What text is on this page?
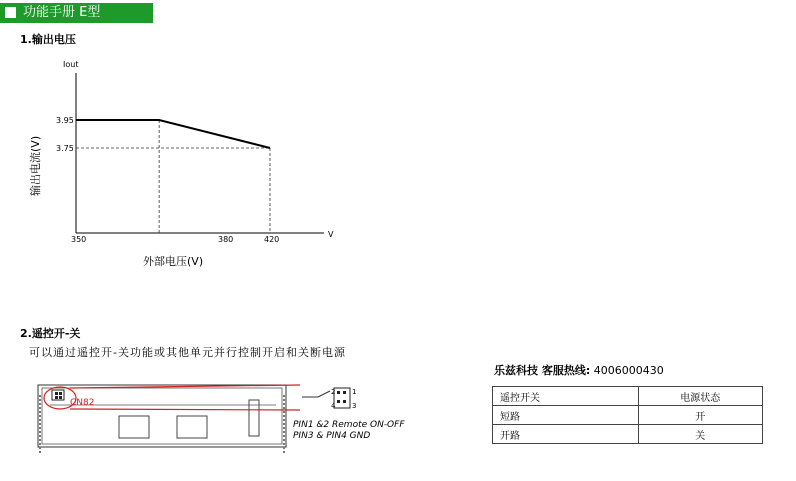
功能手册 E型
1.输出电压
Iout
V
3.95
3.75
350	380	420
外部电压(V)
输出电流(V)
CN82
1
2
3
4
2.遥控开-关
可以通过遥控开-关功能或其他单元并行控制开启和关断电源
PIN1 &2 Remote ON-OFF
PIN3 & PIN4 GND
乐兹科技 客服热线: 4006000430
遥控开关	电源状态
短路	开
开路	关
